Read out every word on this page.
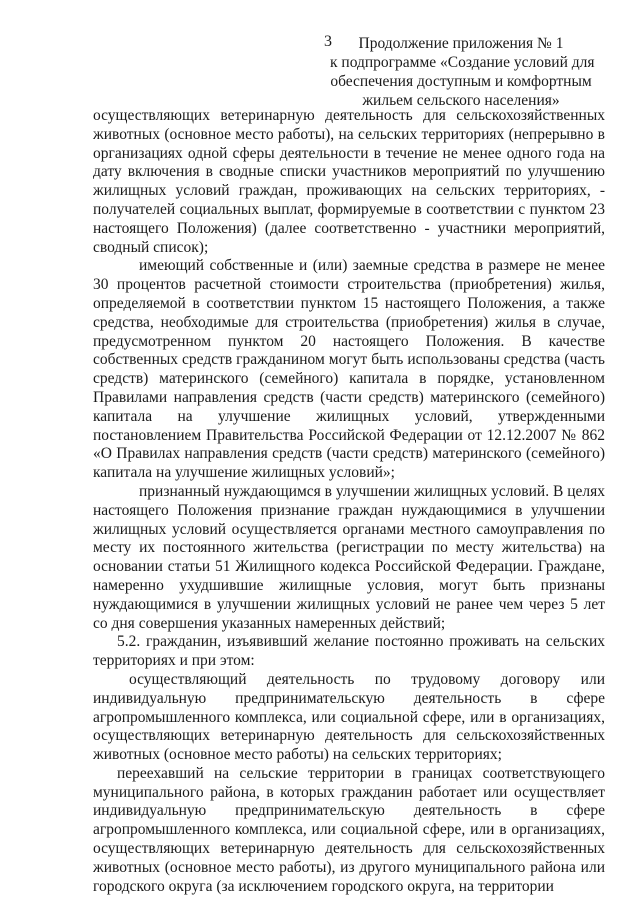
3	Продолжение приложения № 1
к подпрограмме «Создание условий для
обеспечения доступным и комфортным
жильем сельского населения»

осуществляющих ветеринарную деятельность для сельскохозяйственных животных (основное место работы), на сельских территориях (непрерывно в организациях одной сферы деятельности в течение не менее одного года на дату включения в сводные списки участников мероприятий по улучшению жилищных условий граждан, проживающих на сельских территориях, - получателей социальных выплат, формируемые в соответствии с пунктом 23 настоящего Положения) (далее соответственно - участники мероприятий, сводный список);

имеющий собственные и (или) заемные средства в размере не менее 30 процентов расчетной стоимости строительства (приобретения) жилья, определяемой в соответствии пунктом 15 настоящего Положения, а также средства, необходимые для строительства (приобретения) жилья в случае, предусмотренном пунктом 20 настоящего Положения. В качестве собственных средств гражданином могут быть использованы средства (часть средств) материнского (семейного) капитала в порядке, установленном Правилами направления средств (части средств) материнского (семейного) капитала на улучшение жилищных условий, утвержденными постановлением Правительства Российской Федерации от 12.12.2007 № 862 «О Правилах направления средств (части средств) материнского (семейного) капитала на улучшение жилищных условий»;

признанный нуждающимся в улучшении жилищных условий. В целях настоящего Положения признание граждан нуждающимися в улучшении жилищных условий осуществляется органами местного самоуправления по месту их постоянного жительства (регистрации по месту жительства) на основании статьи 51 Жилищного кодекса Российской Федерации. Граждане, намеренно ухудшившие жилищные условия, могут быть признаны нуждающимися в улучшении жилищных условий не ранее чем через 5 лет со дня совершения указанных намеренных действий;

5.2. гражданин, изъявивший желание постоянно проживать на сельских территориях и при этом:

осуществляющий деятельность по трудовому договору или индивидуальную предпринимательскую деятельность в сфере агропромышленного комплекса, или социальной сфере, или в организациях, осуществляющих ветеринарную деятельность для сельскохозяйственных животных (основное место работы) на сельских территориях;

переехавший на сельские территории в границах соответствующего муниципального района, в которых гражданин работает или осуществляет индивидуальную предпринимательскую деятельность в сфере агропромышленного комплекса, или социальной сфере, или в организациях, осуществляющих ветеринарную деятельность для сельскохозяйственных животных (основное место работы), из другого муниципального района или городского округа (за исключением городского округа, на территории
